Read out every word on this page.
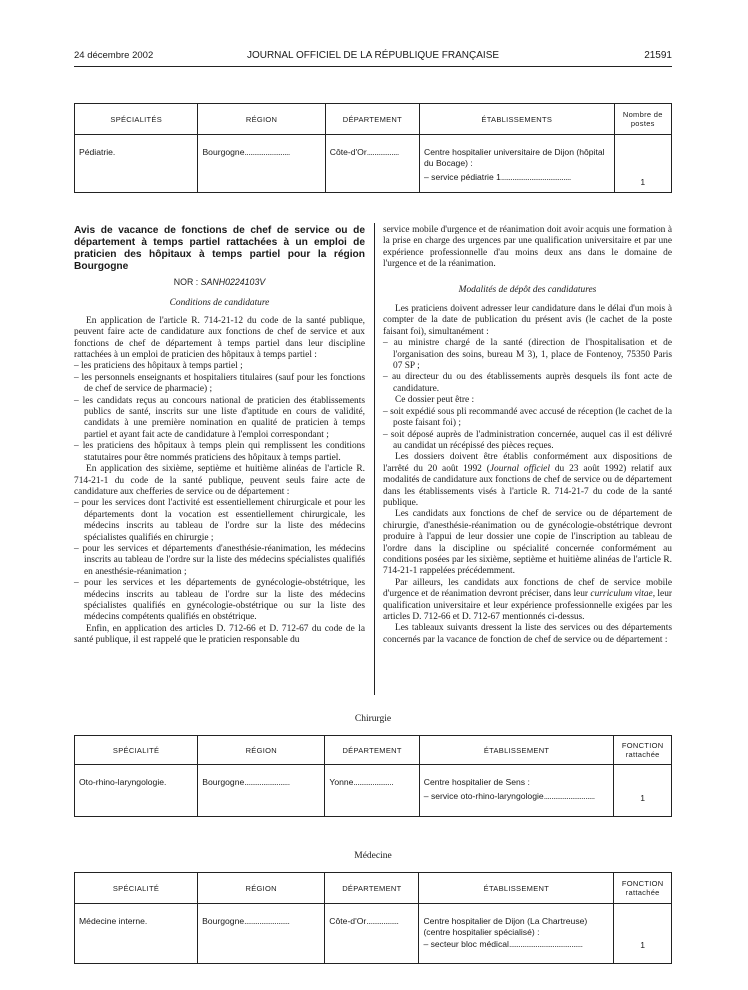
24 décembre 2002	JOURNAL OFFICIEL DE LA RÉPUBLIQUE FRANÇAISE	21591
SPÉCIALITÉS	RÉGION	DÉPARTEMENT	ÉTABLISSEMENTS	Nombre de postes

Pédiatrie.	Bourgogne........................	Côte-d'Or.................	Centre hospitalier universitaire de Dijon (hôpital du Bocage) :
– service pédiatrie 1.....................................	1

Avis de vacance de fonctions de chef de service ou de département à temps partiel rattachées à un emploi de praticien des hôpitaux à temps partiel pour la région Bourgogne

NOR : SANH0224103V

Conditions de candidature

En application de l'article R. 714-21-12 du code de la santé publique, peuvent faire acte de candidature aux fonctions de chef de service et aux fonctions de chef de département à temps partiel dans leur discipline rattachées à un emploi de praticien des hôpitaux à temps partiel :

– les praticiens des hôpitaux à temps partiel ;

– les personnels enseignants et hospitaliers titulaires (sauf pour les fonctions de chef de service de pharmacie) ;

– les candidats reçus au concours national de praticien des établissements publics de santé, inscrits sur une liste d'aptitude en cours de validité, candidats à une première nomination en qualité de praticien à temps partiel et ayant fait acte de candidature à l'emploi correspondant ;

– les praticiens des hôpitaux à temps plein qui remplissent les conditions statutaires pour être nommés praticiens des hôpitaux à temps partiel.

En application des sixième, septième et huitième alinéas de l'article R. 714-21-1 du code de la santé publique, peuvent seuls faire acte de candidature aux chefferies de service ou de département :

– pour les services dont l'activité est essentiellement chirurgicale et pour les départements dont la vocation est essentiellement chirurgicale, les médecins inscrits au tableau de l'ordre sur la liste des médecins spécialistes qualifiés en chirurgie ;

– pour les services et départements d'anesthésie-réanimation, les médecins inscrits au tableau de l'ordre sur la liste des médecins spécialistes qualifiés en anesthésie-réanimation ;

– pour les services et les départements de gynécologie-obstétrique, les médecins inscrits au tableau de l'ordre sur la liste des médecins spécialistes qualifiés en gynécologie-obstétrique ou sur la liste des médecins compétents qualifiés en obstétrique.

Enfin, en application des articles D. 712-66 et D. 712-67 du code de la santé publique, il est rappelé que le praticien responsable du

service mobile d'urgence et de réanimation doit avoir acquis une formation à la prise en charge des urgences par une qualification universitaire et par une expérience professionnelle d'au moins deux ans dans le domaine de l'urgence et de la réanimation.

Modalités de dépôt des candidatures

Les praticiens doivent adresser leur candidature dans le délai d'un mois à compter de la date de publication du présent avis (le cachet de la poste faisant foi), simultanément :

– au ministre chargé de la santé (direction de l'hospitalisation et de l'organisation des soins, bureau M 3), 1, place de Fontenoy, 75350 Paris 07 SP ;

– au directeur du ou des établissements auprès desquels ils font acte de candidature.

Ce dossier peut être :

– soit expédié sous pli recommandé avec accusé de réception (le cachet de la poste faisant foi) ;

– soit déposé auprès de l'administration concernée, auquel cas il est délivré au candidat un récépissé des pièces reçues.

Les dossiers doivent être établis conformément aux dispositions de l'arrêté du 20 août 1992 (Journal officiel du 23 août 1992) relatif aux modalités de candidature aux fonctions de chef de service ou de département dans les établissements visés à l'article R. 714-21-7 du code de la santé publique.

Les candidats aux fonctions de chef de service ou de département de chirurgie, d'anesthésie-réanimation ou de gynécologie-obstétrique devront produire à l'appui de leur dossier une copie de l'inscription au tableau de l'ordre dans la discipline ou spécialité concernée conformément au conditions posées par les sixième, septième et huitième alinéas de l'article R. 714-21-1 rappelées précédemment.

Par ailleurs, les candidats aux fonctions de chef de service mobile d'urgence et de réanimation devront préciser, dans leur curriculum vitae, leur qualification universitaire et leur expérience professionnelle exigées par les articles D. 712-66 et D. 712-67 mentionnés ci-dessus.

Les tableaux suivants dressent la liste des services ou des départements concernés par la vacance de fonction de chef de service ou de département :

Chirurgie
SPÉCIALITÉ	RÉGION	DÉPARTEMENT	ÉTABLISSEMENT	FONCTION rattachée

Oto-rhino-laryngologie.	Bourgogne........................	Yonne.....................	Centre hospitalier de Sens :
– service oto-rhino-laryngologie...........................	1
Médecine
SPÉCIALITÉ	RÉGION	DÉPARTEMENT	ÉTABLISSEMENT	FONCTION rattachée

Médecine interne.	Bourgogne........................	Côte-d'Or.................	Centre hospitalier de Dijon (La Chartreuse) (centre hospitalier spécialisé) :
– secteur bloc médical.......................................	1
